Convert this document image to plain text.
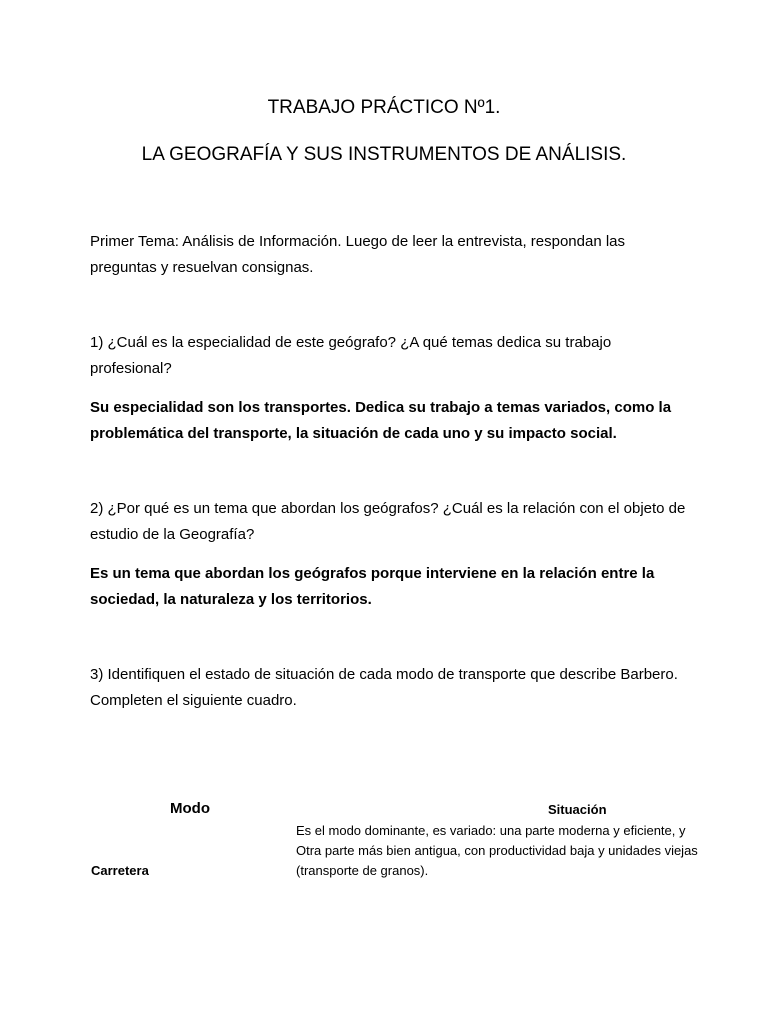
TRABAJO PRÁCTICO Nº1.
LA GEOGRAFÍA Y SUS INSTRUMENTOS DE ANÁLISIS.

Primer Tema: Análisis de Información. Luego de leer la entrevista, respondan las preguntas y resuelvan consignas.

1) ¿Cuál es la especialidad de este geógrafo? ¿A qué temas dedica su trabajo profesional?

Su especialidad son los transportes. Dedica su trabajo a temas variados, como la problemática del transporte, la situación de cada uno y su impacto social.

2) ¿Por qué es un tema que abordan los geógrafos? ¿Cuál es la relación con el objeto de estudio de la Geografía?

Es un tema que abordan los geógrafos porque interviene en la relación entre la sociedad, la naturaleza y los territorios.

3) Identifiquen el estado de situación de cada modo de transporte que describe Barbero. Completen el siguiente cuadro.

Modo	Situación
Carretera
Es el modo dominante, es variado: una parte moderna y eficiente, y
Otra parte más bien antigua, con productividad baja y unidades viejas
(transporte de granos).
